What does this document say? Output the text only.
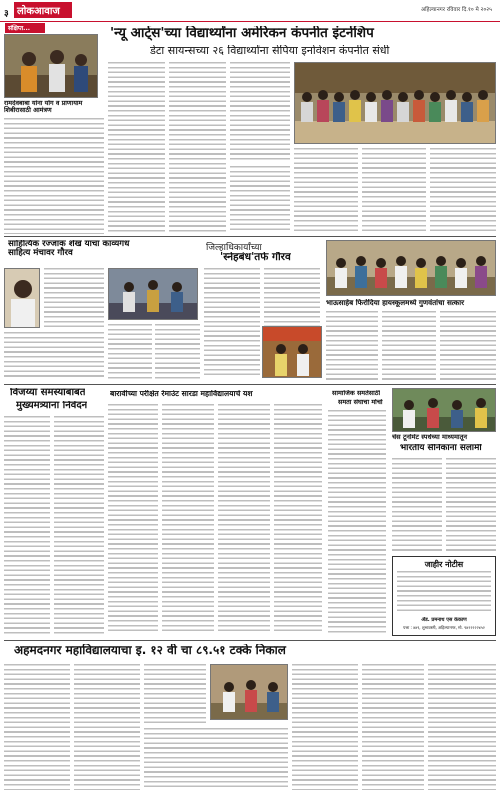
३ लोकआवाज	अहिल्यानगर रविवार दि.१० मे २०२५
संक्षिप्त...
रामदेवबाबा यांना योग व प्राणायाम शिबीरासाठी आमंत्रण
'न्यू आर्ट्स'च्या विद्यार्थ्यांना अमेरिकन कंपनीत इंटर्नशिप
डेटा सायन्सच्या २६ विद्यार्थ्यांना सेपिया इनोवेशन कंपनीत संधी
साहित्यिक रज्जाक शेख यांचा काव्यगंध साहित्य मंचावर गौरव
जिल्हाधिकार्यांच्या
'स्नेहबंध'तर्फे गौरव
भाऊसाहेब फिरोदिया हायस्कूलमध्ये गुणवंतांचा सत्कार
विजय्या समस्यांबाबत
मुख्यमंत्र्यांना निवेदन
बारावीच्या परीक्षेत रेमाउंट सारडा महाविद्यालयाचे यश	सामाजिक समतेसाठी
समता संघाचा मोर्चा
चेस टूर्नामेंट स्पर्धेच्या माध्यमातून
भारतीय सैनिकांना सलामी
जाहीर नोटीस
ॲड. प्रमनाथ एस केकाण
पत्ता : ४४९, शुभावस्ती, अहिल्यानगर, मो. ९४२२२२२४५२
अहमदनगर महाविद्यालयाचा इ. १२ वी चा ८९.५१ टक्के निकाल
